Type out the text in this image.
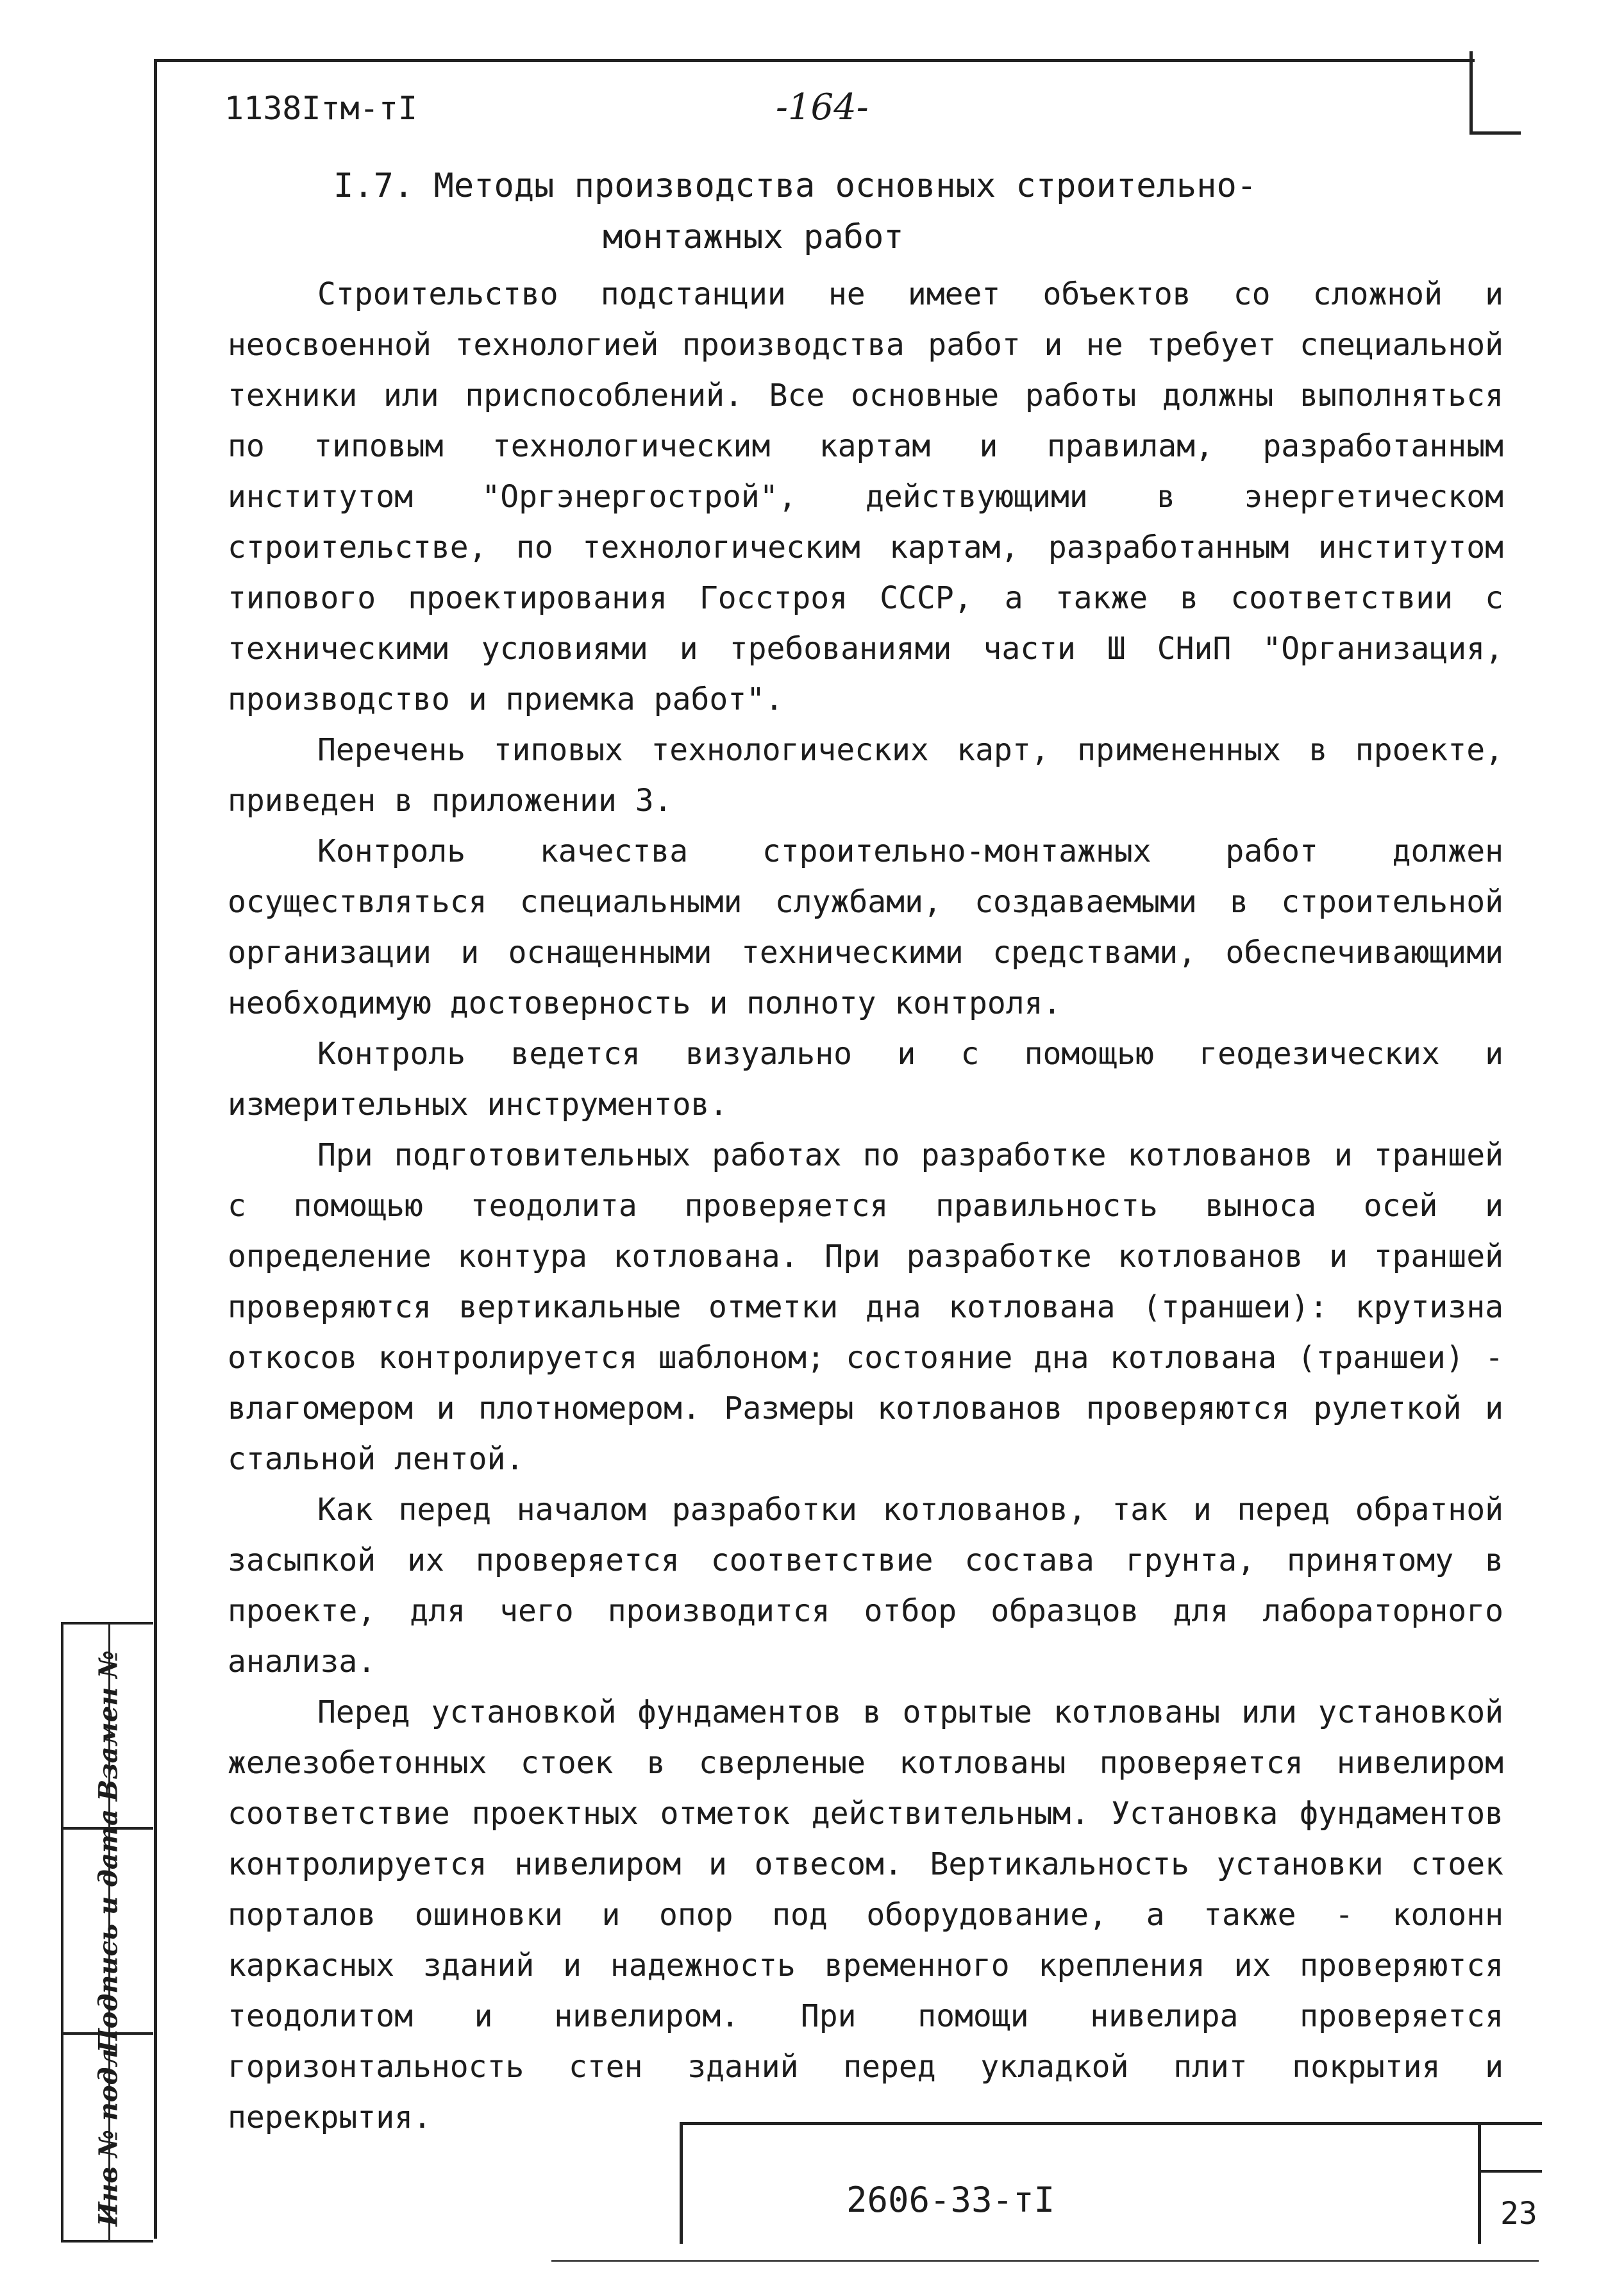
1138Iтм-тI	-164-
I.7. Методы производства основных строительно-
монтажных работ

Строительство подстанции не имеет объектов со сложной и неосвоенной технологией производства работ и не требует специальной техники или приспособлений. Все основные работы должны выполняться по типовым технологическим картам и правилам, разработанным институтом "Оргэнергострой", действующими в энергетическом строительстве, по технологическим картам, разработанным институтом типового проектирования Госстроя СССР, а также в соответствии с техническими условиями и требованиями части Ш СНиП "Организация, производство и приемка работ".

Перечень типовых технологических карт, примененных в проекте, приведен в приложении 3.

Контроль качества строительно-монтажных работ должен осуществляться специальными службами, создаваемыми в строительной организации и оснащенными техническими средствами, обеспечивающими необходимую достоверность и полноту контроля.

Контроль ведется визуально и с помощью геодезических и измерительных инструментов.

При подготовительных работах по разработке котлованов и траншей с помощью теодолита проверяется правильность выноса осей и определение контура котлована. При разработке котлованов и траншей проверяются вертикальные отметки дна котлована (траншеи): крутизна откосов контролируется шаблоном; состояние дна котлована (траншеи) - влагомером и плотномером. Размеры котлованов проверяются рулеткой и стальной лентой.

Как перед началом разработки котлованов, так и перед обратной засыпкой их проверяется соответствие состава грунта, принятому в проекте, для чего производится отбор образцов для лабораторного анализа.

Перед установкой фундаментов в отрытые котлованы или установкой железобетонных стоек в сверленые котлованы проверяется нивелиром соответствие проектных отметок действительным. Установка фундаментов контролируется нивелиром и отвесом. Вертикальность установки стоек порталов ошиновки и опор под оборудование, а также - колонн каркасных зданий и надежность временного крепления их проверяются теодолитом и нивелиром. При помощи нивелира проверяется горизонтальность стен зданий перед укладкой плит покрытия и перекрытия.

Взамен №
Подпись и дата
Инв № подл	2606-33-тI	23
